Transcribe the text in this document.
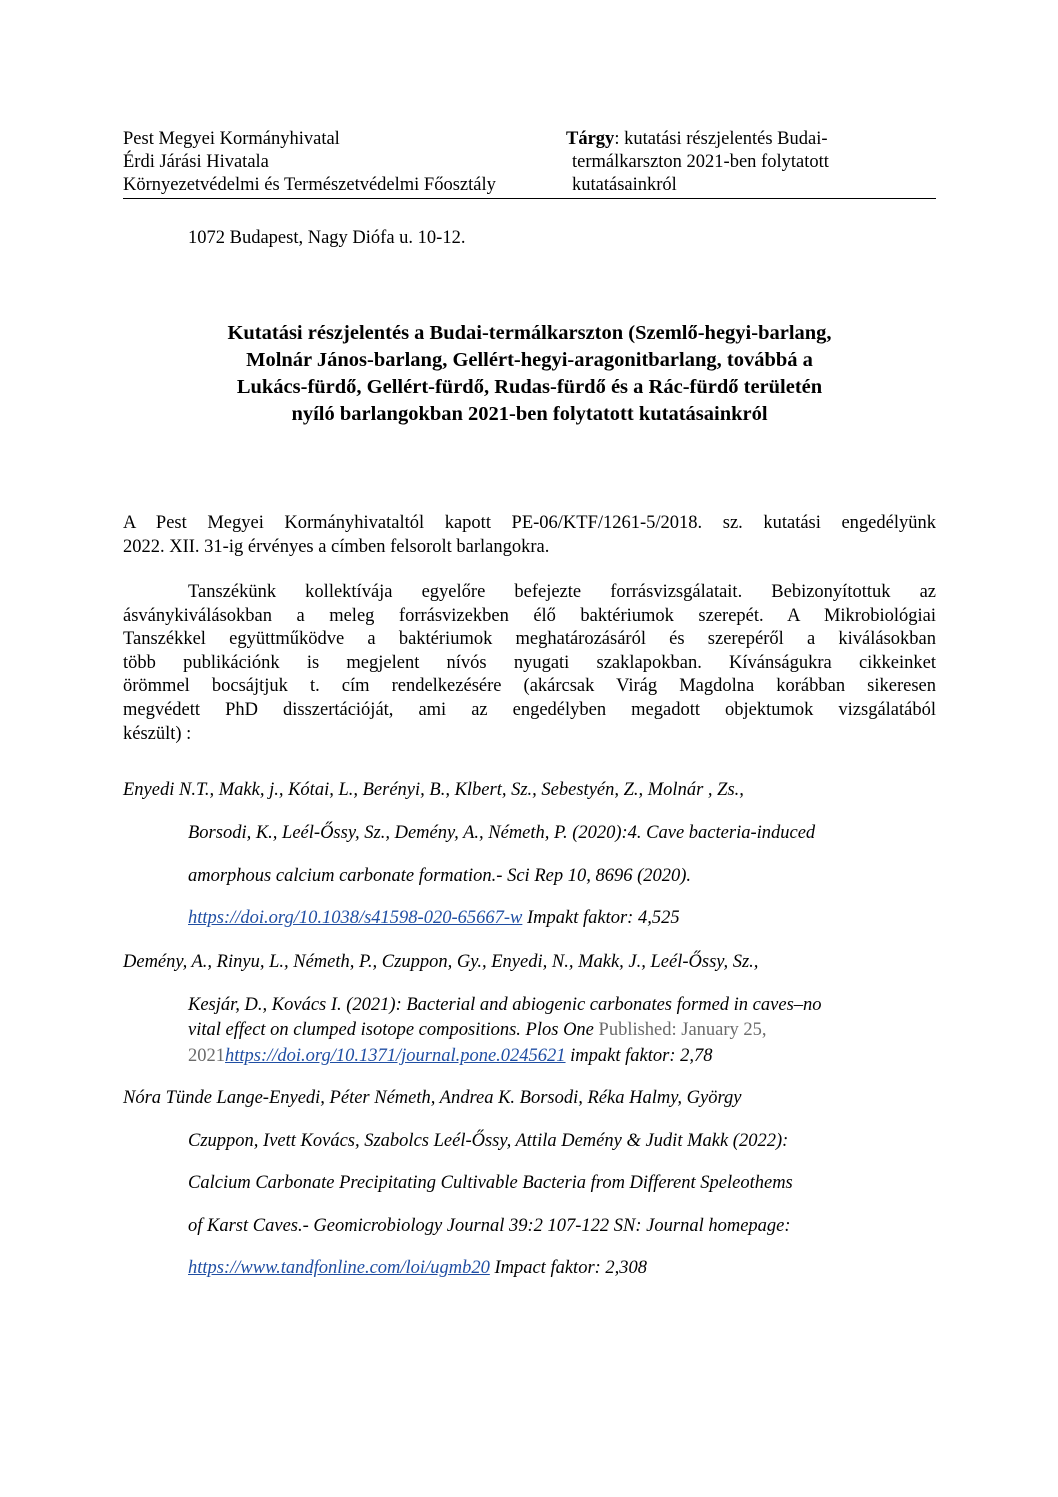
Pest Megyei Kormányhivatal
Érdi Járási Hivatala
Környezetvédelmi és Természetvédelmi Főosztály
Tárgy: kutatási részjelentés Budai-
termálkarszton 2021-ben folytatott
kutatásainkról
1072 Budapest, Nagy Diófa u. 10-12.
Kutatási részjelentés a Budai-termálkarszton (Szemlő-hegyi-barlang,
Molnár János-barlang, Gellért-hegyi-aragonitbarlang, továbbá a
Lukács-fürdő, Gellért-fürdő, Rudas-fürdő és a Rác-fürdő területén
nyíló barlangokban 2021-ben folytatott kutatásainkról
A Pest Megyei Kormányhivataltól kapott PE-06/KTF/1261-5/2018. sz. kutatási engedélyünk
2022. XII. 31-ig érvényes a címben felsorolt barlangokra.
Tanszékünk kollektívája egyelőre befejezte forrásvizsgálatait. Bebizonyítottuk az
ásványkiválásokban a meleg forrásvizekben élő baktériumok szerepét. A Mikrobiológiai
Tanszékkel együttműködve a baktériumok meghatározásáról és szerepéről a kiválásokban
több publikációnk is megjelent nívós nyugati szaklapokban. Kívánságukra cikkeinket
örömmel bocsájtjuk t. cím rendelkezésére (akárcsak Virág Magdolna korábban sikeresen
megvédett PhD disszertációját, ami az engedélyben megadott objektumok vizsgálatából
készült) :
Enyedi N.T., Makk, j., Kótai, L., Berényi, B., Klbert, Sz., Sebestyén, Z., Molnár , Zs.,
Borsodi, K., Leél-Őssy, Sz., Demény, A., Németh, P. (2020):4. Cave bacteria-induced
amorphous calcium carbonate formation.- Sci Rep 10, 8696 (2020).
https://doi.org/10.1038/s41598-020-65667-w Impakt faktor: 4,525
Demény, A., Rinyu, L., Németh, P., Czuppon, Gy., Enyedi, N., Makk, J., Leél-Őssy, Sz.,
Kesjár, D., Kovács I. (2021): Bacterial and abiogenic carbonates formed in caves–no
vital effect on clumped isotope compositions. Plos One Published: January 25,
2021https://doi.org/10.1371/journal.pone.0245621 impakt faktor: 2,78
Nóra Tünde Lange-Enyedi, Péter Németh, Andrea K. Borsodi, Réka Halmy, György
Czuppon, Ivett Kovács, Szabolcs Leél-Őssy, Attila Demény & Judit Makk (2022):
Calcium Carbonate Precipitating Cultivable Bacteria from Different Speleothems
of Karst Caves.- Geomicrobiology Journal 39:2 107-122 SN: Journal homepage:
https://www.tandfonline.com/loi/ugmb20 Impact faktor: 2,308
